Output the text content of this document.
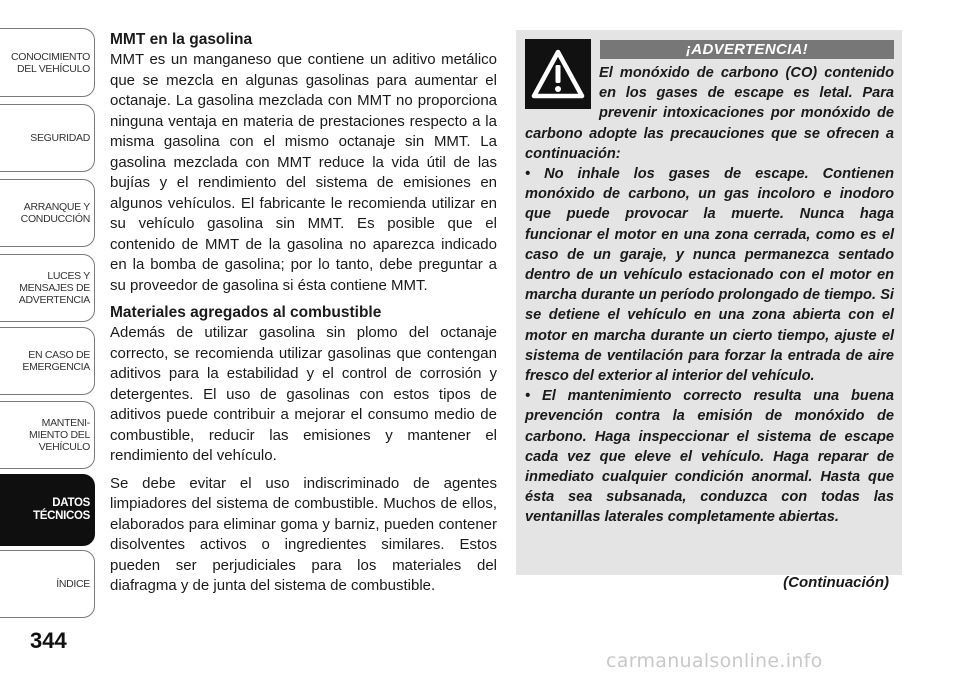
CONOCIMIENTO
DEL VEHÍCULO
SEGURIDAD
ARRANQUE Y
CONDUCCIÓN
LUCES Y
MENSAJES DE
ADVERTENCIA
EN CASO DE
EMERGENCIA
MANTENI-
MIENTO DEL
VEHÍCULO
DATOS
TÉCNICOS
ÍNDICE
344
MMT en la gasolina

MMT es un manganeso que contiene un aditivo metálico que se mezcla en algunas gasolinas para aumentar el octanaje. La gasolina mezclada con MMT no proporciona ninguna ventaja en materia de prestaciones respecto a la misma gasolina con el mismo octanaje sin MMT. La gasolina mezclada con MMT reduce la vida útil de las bujías y el rendimiento del sistema de emisiones en algunos vehículos. El fabricante le recomienda utilizar en su vehículo gasolina sin MMT. Es posible que el contenido de MMT de la gasolina no aparezca indicado en la bomba de gasolina; por lo tanto, debe preguntar a su proveedor de gasolina si ésta contiene MMT.

Materiales agregados al combustible

Además de utilizar gasolina sin plomo del octanaje correcto, se recomienda utilizar gasolinas que contengan aditivos para la estabilidad y el control de corrosión y detergentes. El uso de gasolinas con estos tipos de aditivos puede contribuir a mejorar el consumo medio de combustible, reducir las emisiones y mantener el rendimiento del vehículo.

Se debe evitar el uso indiscriminado de agentes limpiadores del sistema de combustible. Muchos de ellos, elaborados para eliminar goma y barniz, pueden contener disolventes activos o ingredientes similares. Estos pueden ser perjudiciales para los materiales del diafragma y de junta del sistema de combustible.

¡ADVERTENCIA!

El monóxido de carbono (CO) contenido en los gases de escape es letal. Para prevenir intoxicaciones por monóxido de carbono adopte las precauciones que se ofrecen a continuación:

• No inhale los gases de escape. Contienen monóxido de carbono, un gas incoloro e inodoro que puede provocar la muerte. Nunca haga funcionar el motor en una zona cerrada, como es el caso de un garaje, y nunca permanezca sentado dentro de un vehículo estacionado con el motor en marcha durante un período prolongado de tiempo. Si se detiene el vehículo en una zona abierta con el motor en marcha durante un cierto tiempo, ajuste el sistema de ventilación para forzar la entrada de aire fresco del exterior al interior del vehículo.

• El mantenimiento correcto resulta una buena prevención contra la emisión de monóxido de carbono. Haga inspeccionar el sistema de escape cada vez que eleve el vehículo. Haga reparar de inmediato cualquier condición anormal. Hasta que ésta sea subsanada, conduzca con todas las ventanillas laterales completamente abiertas.

(Continuación)
carmanualsonline.info
